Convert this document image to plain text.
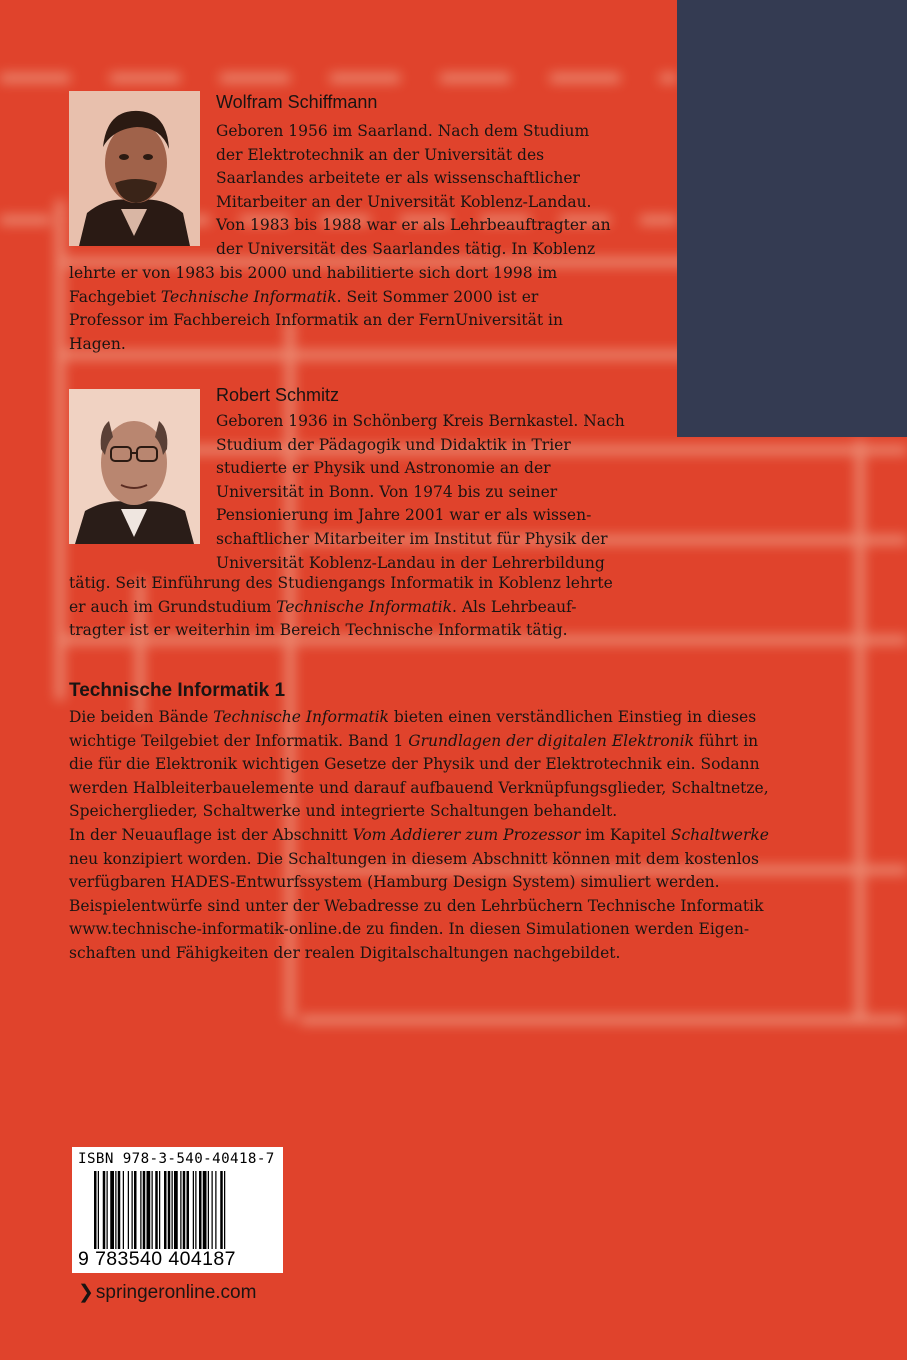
Wolfram Schiffmann
Geboren 1956 im Saarland. Nach dem Studium
der Elektrotechnik an der Universität des
Saarlandes arbeitete er als wissenschaftlicher
Mitarbeiter an der Universität Koblenz-Landau.
Von 1983 bis 1988 war er als Lehrbeauftragter an
der Universität des Saarlandes tätig. In Koblenz
lehrte er von 1983 bis 2000 und habilitierte sich dort 1998 im
Fachgebiet Technische Informatik. Seit Sommer 2000 ist er
Professor im Fachbereich Informatik an der FernUniversität in
Hagen.
Robert Schmitz
Geboren 1936 in Schönberg Kreis Bernkastel. Nach
Studium der Pädagogik und Didaktik in Trier
studierte er Physik und Astronomie an der
Universität in Bonn. Von 1974 bis zu seiner
Pensionierung im Jahre 2001 war er als wissen-
schaftlicher Mitarbeiter im Institut für Physik der
Universität Koblenz-Landau in der Lehrerbildung
tätig. Seit Einführung des Studiengangs Informatik in Koblenz lehrte
er auch im Grundstudium Technische Informatik. Als Lehrbeauf-
tragter ist er weiterhin im Bereich Technische Informatik tätig.
Technische Informatik 1
Die beiden Bände Technische Informatik bieten einen verständlichen Einstieg in dieses
wichtige Teilgebiet der Informatik. Band 1 Grundlagen der digitalen Elektronik führt in
die für die Elektronik wichtigen Gesetze der Physik und der Elektrotechnik ein. Sodann
werden Halbleiterbauelemente und darauf aufbauend Verknüpfungsglieder, Schaltnetze,
Speicherglieder, Schaltwerke und integrierte Schaltungen behandelt.
In der Neuauflage ist der Abschnitt Vom Addierer zum Prozessor im Kapitel Schaltwerke
neu konzipiert worden. Die Schaltungen in diesem Abschnitt können mit dem kostenlos
verfügbaren HADES-Entwurfssystem (Hamburg Design System) simuliert werden.
Beispielentwürfe sind unter der Webadresse zu den Lehrbüchern Technische Informatik
www.technische-informatik-online.de zu finden. In diesen Simulationen werden Eigen-
schaften und Fähigkeiten der realen Digitalschaltungen nachgebildet.
ISBN 978-3-540-40418-7
9 783540 404187
❯ springeronline.com
